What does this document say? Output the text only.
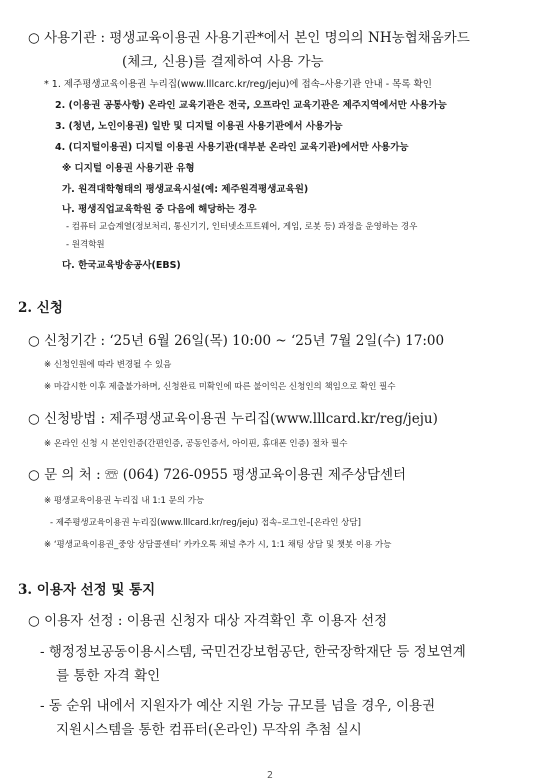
○ 사용기관 : 평생교육이용권 사용기관*에서 본인 명의의 NH농협채움카드
(체크, 신용)를 결제하여 사용 가능
* 1. 제주평생교육이용권 누리집(www.lllcarc.kr/reg/jeju)에 접속–사용기관 안내 - 목록 확인
2. (이용권 공통사항) 온라인 교육기관은 전국, 오프라인 교육기관은 제주지역에서만 사용가능
3. (청년, 노인이용권) 일반 및 디지털 이용권 사용기관에서 사용가능
4. (디지털이용권) 디지털 이용권 사용기관(대부분 온라인 교육기관)에서만 사용가능
※ 디지털 이용권 사용기관 유형
가. 원격대학형태의 평생교육시설(예: 제주원격평생교육원)
나. 평생직업교육학원 중 다음에 해당하는 경우
- 컴퓨터 교습계열(정보처리, 통신기기, 인터넷소프트웨어, 게임, 로봇 등) 과정을 운영하는 경우
- 원격학원
다. 한국교육방송공사(EBS)
2. 신청
○ 신청기간 : ‘25년 6월 26일(목) 10:00 ~ ‘25년 7월 2일(수) 17:00
※ 신청인원에 따라 변경될 수 있음
※ 마감시한 이후 제출불가하며, 신청완료 미확인에 따른 불이익은 신청인의 책임으로 확인 필수
○ 신청방법 : 제주평생교육이용권 누리집(www.lllcard.kr/reg/jeju)
※ 온라인 신청 시 본인인증(간편인증, 공동인증서, 아이핀, 휴대폰 인증) 절차 필수
○ 문 의 처 : ☏ (064) 726-0955 평생교육이용권 제주상담센터
※ 평생교육이용권 누리집 내 1:1 문의 가능
- 제주평생교육이용권 누리집(www.lllcard.kr/reg/jeju) 접속–로그인–[온라인 상담]
※ ‘평생교육이용권_중앙 상담콜센터’ 카카오톡 채널 추가 시, 1:1 채팅 상담 및 챗봇 이용 가능
3. 이용자 선정 및 통지
○ 이용자 선정 : 이용권 신청자 대상 자격확인 후 이용자 선정
- 행정정보공동이용시스템, 국민건강보험공단, 한국장학재단 등 정보연계
를 통한 자격 확인
- 동 순위 내에서 지원자가 예산 지원 가능 규모를 넘을 경우, 이용권
지원시스템을 통한 컴퓨터(온라인) 무작위 추첨 실시
2
